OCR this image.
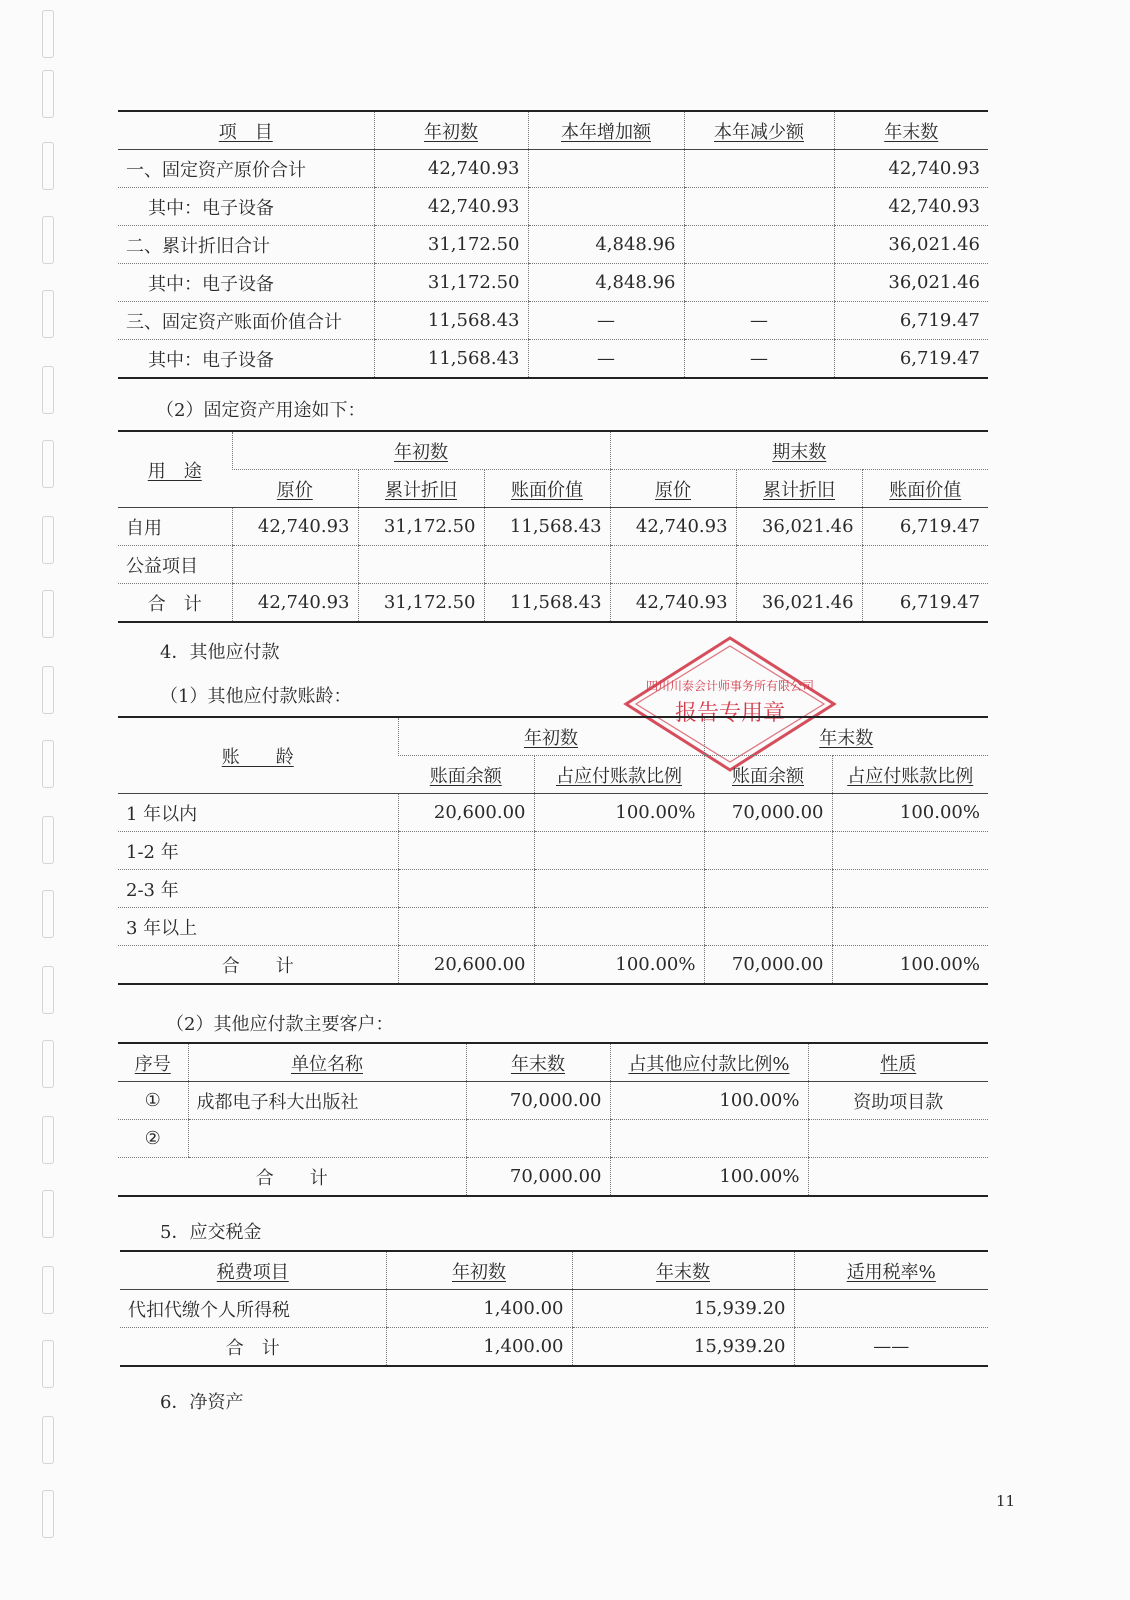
项　目	年初数	本年增加额	本年减少额	年末数
一、固定资产原价合计	42,740.93			42,740.93
其中：电子设备	42,740.93			42,740.93
二、累计折旧合计	31,172.50	4,848.96		36,021.46
其中：电子设备	31,172.50	4,848.96		36,021.46
三、固定资产账面价值合计	11,568.43	—	—	6,719.47
其中：电子设备	11,568.43	—	—	6,719.47
（2）固定资产用途如下：
用　途	年初数			期末数		
	原价	累计折旧	账面价值	原价	累计折旧	账面价值
自用	42,740.93	31,172.50	11,568.43	42,740.93	36,021.46	6,719.47
公益项目						
合　计	42,740.93	31,172.50	11,568.43	42,740.93	36,021.46	6,719.47
4．其他应付款
（1）其他应付款账龄：	四川川泰会计师事务所有限公司
报告专用章
账　　龄	年初数		年末数	
	账面余额	占应付账款比例	账面余额	占应付账款比例
1 年以内	20,600.00	100.00%	70,000.00	100.00%
1-2 年				
2-3 年				
3 年以上				
合　　计	20,600.00	100.00%	70,000.00	100.00%
（2）其他应付款主要客户：
序号	单位名称	年末数	占其他应付款比例%	性质
①	成都电子科大出版社	70,000.00	100.00%	资助项目款
②				
合　　计		70,000.00	100.00%	
5．应交税金
税费项目	年初数	年末数	适用税率%
代扣代缴个人所得税	1,400.00	15,939.20	
合　计	1,400.00	15,939.20	——
6．净资产
11
